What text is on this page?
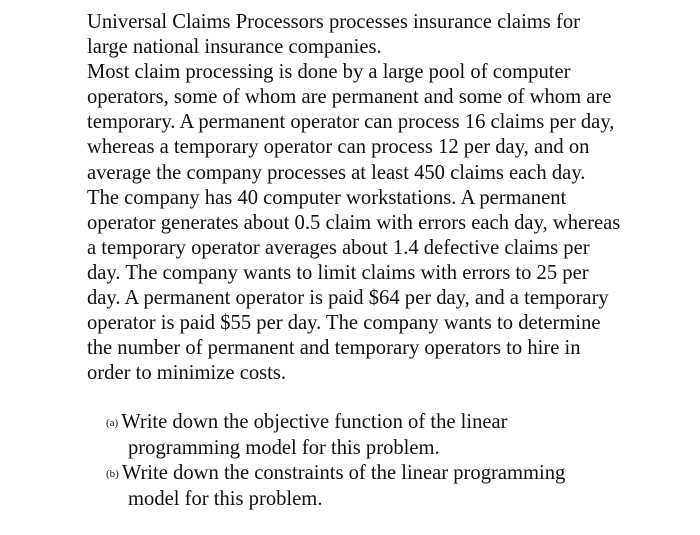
Universal Claims Processors processes insurance claims for
large national insurance companies.
Most claim processing is done by a large pool of computer
operators, some of whom are permanent and some of whom are
temporary. A permanent operator can process 16 claims per day,
whereas a temporary operator can process 12 per day, and on
average the company processes at least 450 claims each day.
The company has 40 computer workstations. A permanent
operator generates about 0.5 claim with errors each day, whereas
a temporary operator averages about 1.4 defective claims per
day. The company wants to limit claims with errors to 25 per
day. A permanent operator is paid $64 per day, and a temporary
operator is paid $55 per day. The company wants to determine
the number of permanent and temporary operators to hire in
order to minimize costs.
(a) Write down the objective function of the linear
programming model for this problem.
(b) Write down the constraints of the linear programming
model for this problem.
